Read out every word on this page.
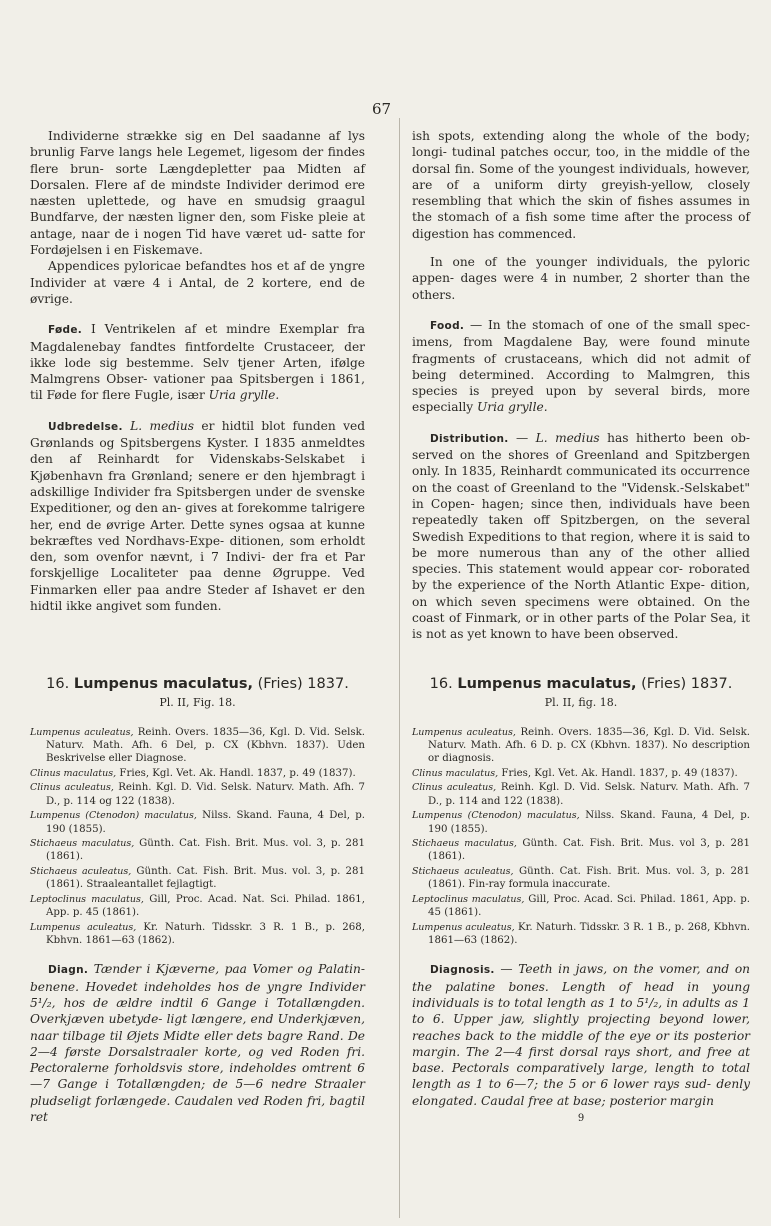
67

Individerne strække sig en Del saadanne af lys brunlig Farve langs hele Legemet, ligesom der findes flere brun- sorte Længdepletter paa Midten af Dorsalen. Flere af de mindste Individer derimod ere næsten uplettede, og have en smudsig graagul Bundfarve, der næsten ligner den, som Fiske pleie at antage, naar de i nogen Tid have været ud- satte for Fordøjelsen i en Fiskemave.

Appendices pyloricae befandtes hos et af de yngre Individer at være 4 i Antal, de 2 kortere, end de øvrige.

Føde. I Ventrikelen af et mindre Exemplar fra Magdalenebay fandtes fintfordelte Crustaceer, der ikke lode sig bestemme. Selv tjener Arten, ifølge Malmgrens Obser- vationer paa Spitsbergen i 1861, til Føde for flere Fugle, især Uria grylle.

Udbredelse. L. medius er hidtil blot funden ved Grønlands og Spitsbergens Kyster. I 1835 anmeldtes den af Reinhardt for Videnskabs-Selskabet i Kjøbenhavn fra Grønland; senere er den hjembragt i adskillige Individer fra Spitsbergen under de svenske Expeditioner, og den an- gives at forekomme talrigere her, end de øvrige Arter. Dette synes ogsaa at kunne bekræftes ved Nordhavs-Expe- ditionen, som erholdt den, som ovenfor nævnt, i 7 Indivi- der fra et Par forskjellige Localiteter paa denne Øgruppe. Ved Finmarken eller paa andre Steder af Ishavet er den hidtil ikke angivet som funden.

16. Lumpenus maculatus, (Fries) 1837.
Pl. II, Fig. 18.
Lumpenus aculeatus, Reinh. Overs. 1835—36, Kgl. D. Vid. Selsk. Naturv. Math. Afh. 6 Del, p. CX (Kbhvn. 1837). Uden Beskrivelse eller Diagnose.
Clinus maculatus, Fries, Kgl. Vet. Ak. Handl. 1837, p. 49 (1837).
Clinus aculeatus, Reinh. Kgl. D. Vid. Selsk. Naturv. Math. Afh. 7 D., p. 114 og 122 (1838).
Lumpenus (Ctenodon) maculatus, Nilss. Skand. Fauna, 4 Del, p. 190 (1855).
Stichaeus maculatus, Günth. Cat. Fish. Brit. Mus. vol. 3, p. 281 (1861).
Stichaeus aculeatus, Günth. Cat. Fish. Brit. Mus. vol. 3, p. 281 (1861). Straaleantallet fejlagtigt.
Leptoclinus maculatus, Gill, Proc. Acad. Nat. Sci. Philad. 1861, App. p. 45 (1861).
Lumpenus aculeatus, Kr. Naturh. Tidsskr. 3 R. 1 B., p. 268, Kbhvn. 1861—63 (1862).

Diagn. Tænder i Kjæverne, paa Vomer og Palatin- benene. Hovedet indeholdes hos de yngre Individer 5¹/₂, hos de ældre indtil 6 Gange i Totallængden. Overkjæven ubetyde- ligt længere, end Underkjæven, naar tilbage til Øjets Midte eller dets bagre Rand. De 2—4 første Dorsalstraaler korte, og ved Roden fri. Pectoralerne forholdsvis store, indeholdes omtrent 6—7 Gange i Totallængden; de 5—6 nedre Straaler pludseligt forlængede. Caudalen ved Roden fri, bagtil ret

ish spots, extending along the whole of the body; longi- tudinal patches occur, too, in the middle of the dorsal fin. Some of the youngest individuals, however, are of a uniform dirty greyish-yellow, closely resembling that which the skin of fishes assumes in the stomach of a fish some time after the process of digestion has commenced.

In one of the younger individuals, the pyloric appen- dages were 4 in number, 2 shorter than the others.

Food. — In the stomach of one of the small spec- imens, from Magdalene Bay, were found minute fragments of crustaceans, which did not admit of being determined. According to Malmgren, this species is preyed upon by several birds, more especially Uria grylle.

Distribution. — L. medius has hitherto been ob- served on the shores of Greenland and Spitzbergen only. In 1835, Reinhardt communicated its occurrence on the coast of Greenland to the "Vidensk.-Selskabet" in Copen- hagen; since then, individuals have been repeatedly taken off Spitzbergen, on the several Swedish Expeditions to that region, where it is said to be more numerous than any of the other allied species. This statement would appear cor- roborated by the experience of the North Atlantic Expe- dition, on which seven specimens were obtained. On the coast of Finmark, or in other parts of the Polar Sea, it is not as yet known to have been observed.

16. Lumpenus maculatus, (Fries) 1837.
Pl. II, fig. 18.
Lumpenus aculeatus, Reinh. Overs. 1835—36, Kgl. D. Vid. Selsk. Naturv. Math. Afh. 6 D. p. CX (Kbhvn. 1837). No description or diagnosis.
Clinus maculatus, Fries, Kgl. Vet. Ak. Handl. 1837, p. 49 (1837).
Clinus aculeatus, Reinh. Kgl. D. Vid. Selsk. Naturv. Math. Afh. 7 D., p. 114 and 122 (1838).
Lumpenus (Ctenodon) maculatus, Nilss. Skand. Fauna, 4 Del, p. 190 (1855).
Stichaeus maculatus, Günth. Cat. Fish. Brit. Mus. vol 3, p. 281 (1861).
Stichaeus aculeatus, Günth. Cat. Fish. Brit. Mus. vol. 3, p. 281 (1861). Fin-ray formula inaccurate.
Leptoclinus maculatus, Gill, Proc. Acad. Sci. Philad. 1861, App. p. 45 (1861).
Lumpenus aculeatus, Kr. Naturh. Tidsskr. 3 R. 1 B., p. 268, Kbhvn. 1861—63 (1862).

Diagnosis. — Teeth in jaws, on the vomer, and on the palatine bones. Length of head in young individuals is to total length as 1 to 5¹/₂, in adults as 1 to 6. Upper jaw, slightly projecting beyond lower, reaches back to the middle of the eye or its posterior margin. The 2—4 first dorsal rays short, and free at base. Pectorals comparatively large, length to total length as 1 to 6—7; the 5 or 6 lower rays sud- denly elongated. Caudal free at base; posterior margin

9
